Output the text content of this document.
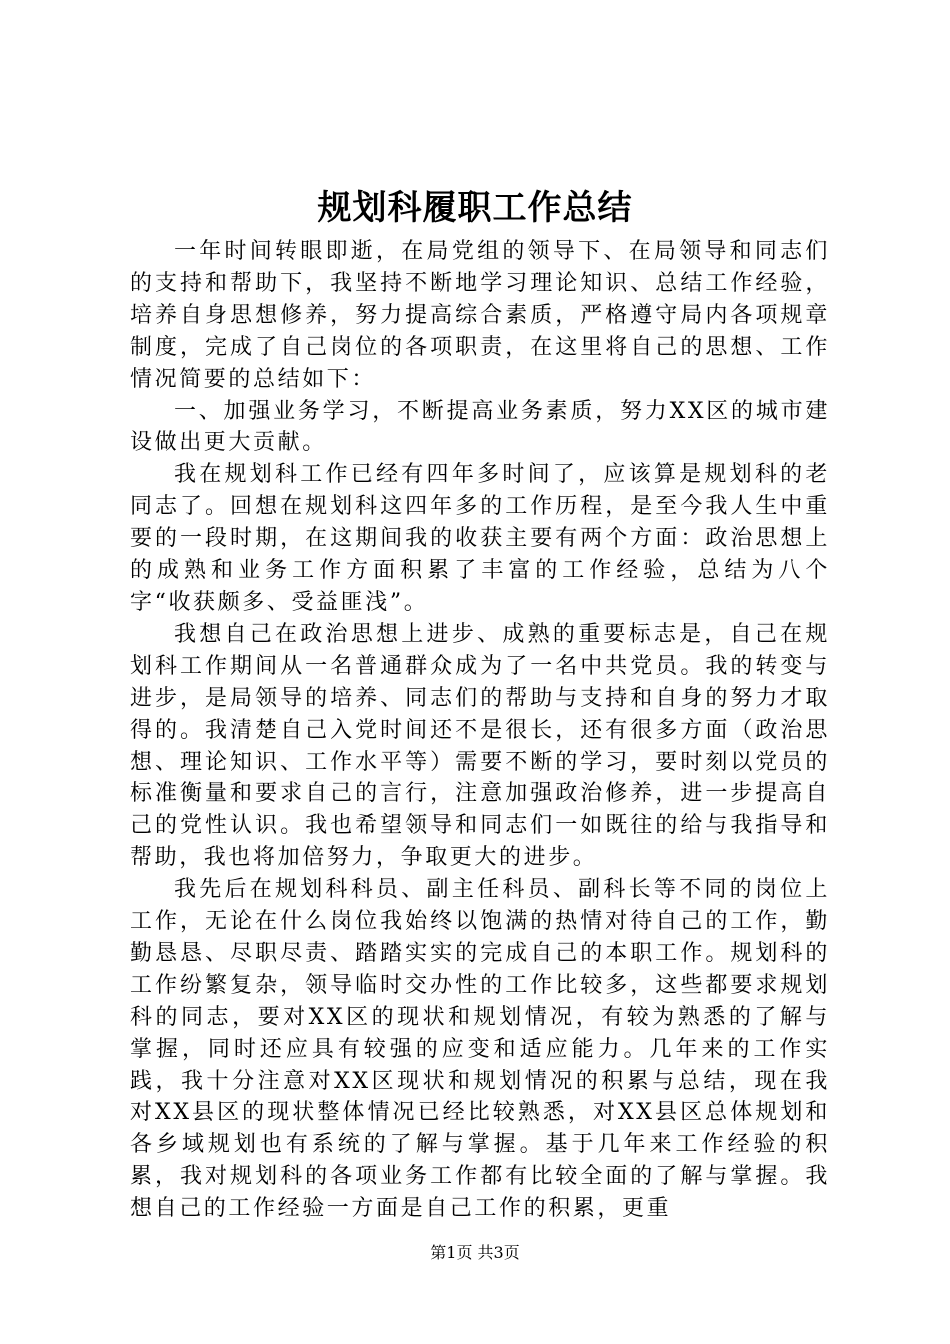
规划科履职工作总结

一年时间转眼即逝，在局党组的领导下、在局领导和同志们的支持和帮助下，我坚持不断地学习理论知识、总结工作经验，培养自身思想修养，努力提高综合素质，严格遵守局内各项规章制度，完成了自己岗位的各项职责，在这里将自己的思想、工作情况简要的总结如下：

一、加强业务学习，不断提高业务素质，努力XX区的城市建设做出更大贡献。

我在规划科工作已经有四年多时间了，应该算是规划科的老同志了。回想在规划科这四年多的工作历程，是至今我人生中重要的一段时期，在这期间我的收获主要有两个方面：政治思想上的成熟和业务工作方面积累了丰富的工作经验，总结为八个字“收获颇多、受益匪浅”。

我想自己在政治思想上进步、成熟的重要标志是，自己在规划科工作期间从一名普通群众成为了一名中共党员。我的转变与进步，是局领导的培养、同志们的帮助与支持和自身的努力才取得的。我清楚自己入党时间还不是很长，还有很多方面（政治思想、理论知识、工作水平等）需要不断的学习，要时刻以党员的标准衡量和要求自己的言行，注意加强政治修养，进一步提高自己的党性认识。我也希望领导和同志们一如既往的给与我指导和帮助，我也将加倍努力，争取更大的进步。

我先后在规划科科员、副主任科员、副科长等不同的岗位上工作，无论在什么岗位我始终以饱满的热情对待自己的工作，勤勤恳恳、尽职尽责、踏踏实实的完成自己的本职工作。规划科的工作纷繁复杂，领导临时交办性的工作比较多，这些都要求规划科的同志，要对XX区的现状和规划情况，有较为熟悉的了解与掌握，同时还应具有较强的应变和适应能力。几年来的工作实践，我十分注意对XX区现状和规划情况的积累与总结，现在我对XX县区的现状整体情况已经比较熟悉，对XX县区总体规划和各乡域规划也有系统的了解与掌握。基于几年来工作经验的积累，我对规划科的各项业务工作都有比较全面的了解与掌握。我想自己的工作经验一方面是自己工作的积累，更重

第1页 共3页
